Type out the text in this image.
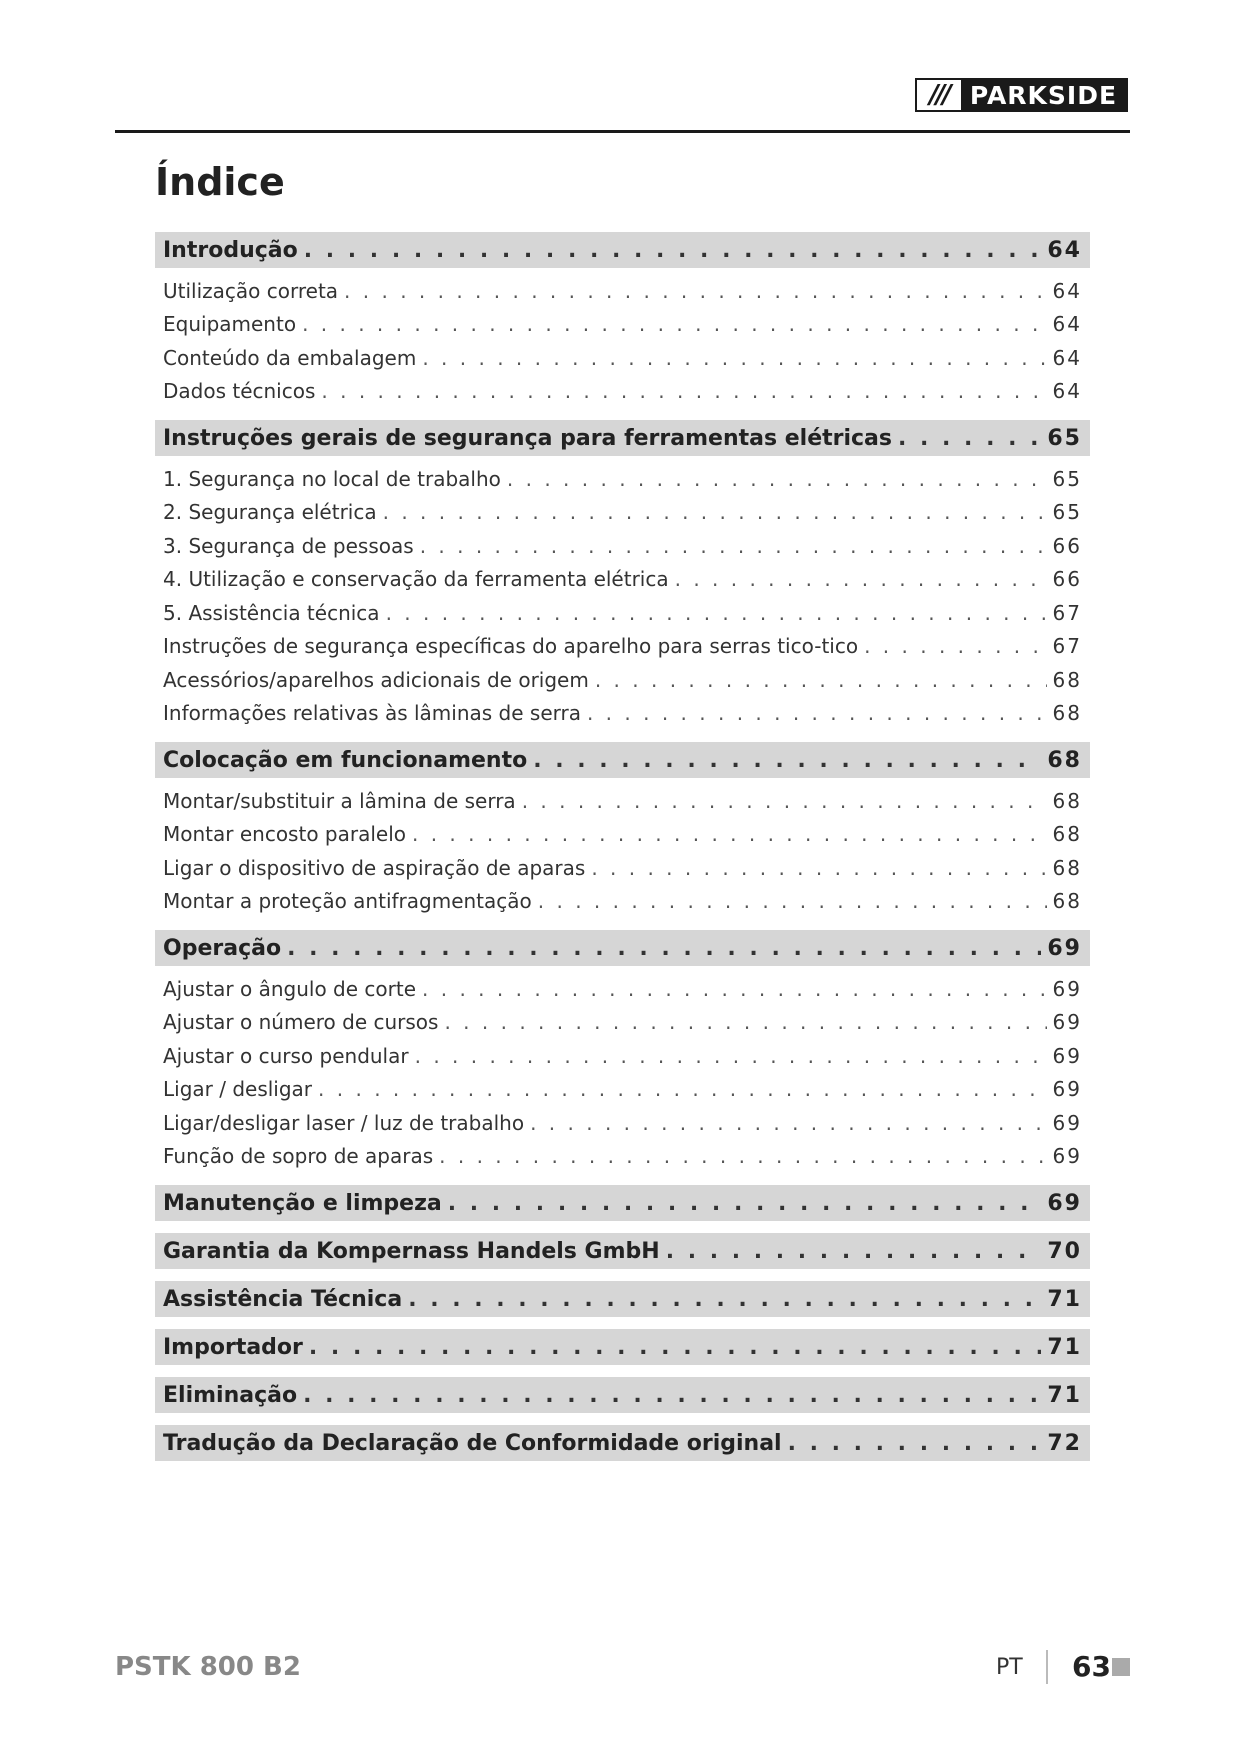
/// PARKSIDE
Índice
Introdução . . .	64
Utilização correta . . .	64
Equipamento . . .	64
Conteúdo da embalagem . . .	64
Dados técnicos . . .	64
Instruções gerais de segurança para ferramentas elétricas . . .	65
1. Segurança no local de trabalho . . .	65
2. Segurança elétrica . . .	65
3. Segurança de pessoas . . .	66
4. Utilização e conservação da ferramenta elétrica . . .	66
5. Assistência técnica . . .	67
Instruções de segurança específicas do aparelho para serras tico-tico . . .	67
Acessórios/aparelhos adicionais de origem . . .	68
Informações relativas às lâminas de serra . . .	68
Colocação em funcionamento . . .	68
Montar/substituir a lâmina de serra . . .	68
Montar encosto paralelo . . .	68
Ligar o dispositivo de aspiração de aparas . . .	68
Montar a proteção antifragmentação . . .	68
Operação . . .	69
Ajustar o ângulo de corte . . .	69
Ajustar o número de cursos . . .	69
Ajustar o curso pendular . . .	69
Ligar / desligar . . .	69
Ligar/desligar laser / luz de trabalho . . .	69
Função de sopro de aparas . . .	69
Manutenção e limpeza . . .	69
Garantia da Kompernass Handels GmbH . . .	70
Assistência Técnica . . .	71
Importador . . .	71
Eliminação . . .	71
Tradução da Declaração de Conformidade original . . .	72
PSTK 800 B2	PT 63
